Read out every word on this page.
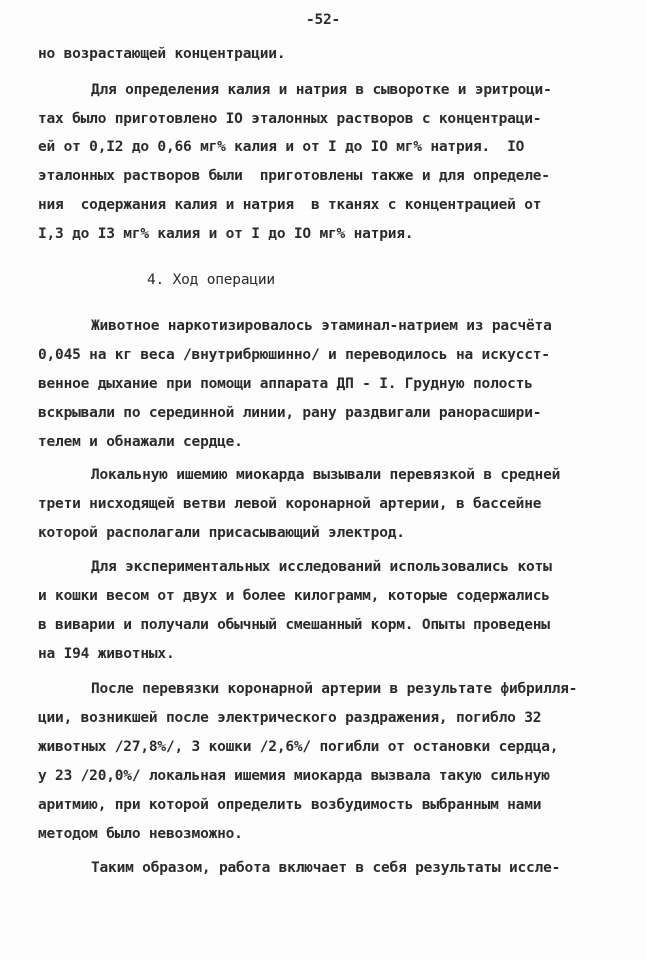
-52-
но возрастающей концентрации.
Для определения калия и натрия в сыворотке и эритроци-
тах было приготовлено IO эталонных растворов с концентраци-
ей от 0,I2 до 0,66 мг% калия и от I до IO мг% натрия.  IO
эталонных растворов были  приготовлены также и для определе-
ния  содержания калия и натрия  в тканях с концентрацией от
I,3 до I3 мг% калия и от I до IO мг% натрия.
4. Ход операции
Животное наркотизировалось этаминал-натрием из расчёта
0,045 на кг веса /внутрибрюшинно/ и переводилось на искусст-
венное дыхание при помощи аппарата ДП - I. Грудную полость
вскрывали по серединной линии, рану раздвигали ранорасшири-
телем и обнажали сердце.
Локальную ишемию миокарда вызывали перевязкой в средней
трети нисходящей ветви левой коронарной артерии, в бассейне
которой располагали присасывающий электрод.
Для экспериментальных исследований использовались коты
и кошки весом от двух и более килограмм, которые содержались
в виварии и получали обычный смешанный корм. Опыты проведены
на I94 животных.
После перевязки коронарной артерии в результате фибрилля-
ции, возникшей после электрического раздражения, погибло 32
животных /27,8%/, 3 кошки /2,6%/ погибли от остановки сердца,
у 23 /20,0%/ локальная ишемия миокарда вызвала такую сильную
аритмию, при которой определить возбудимость выбранным нами
методом было невозможно.
Таким образом, работа включает в себя результаты иссле-
